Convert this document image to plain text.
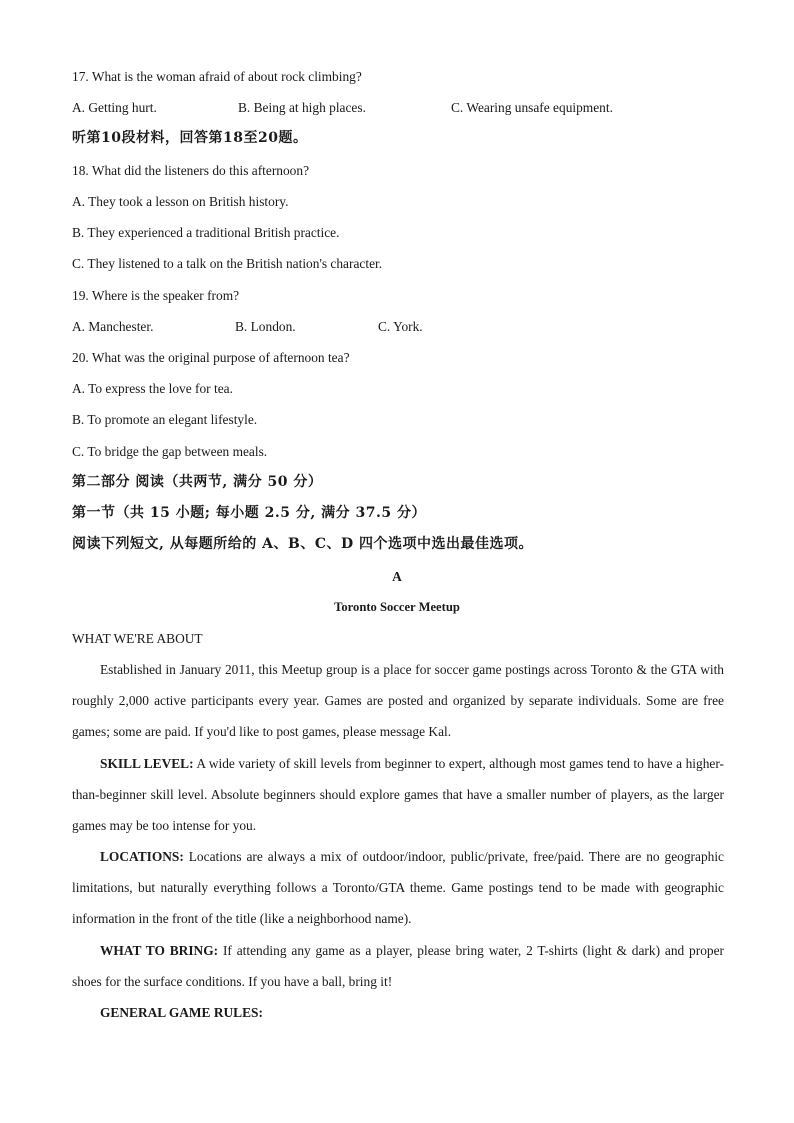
17. What is the woman afraid of about rock climbing?
A. Getting hurt.	B. Being at high places.	C. Wearing unsafe equipment.
听第10段材料，回答第18至20题。
18. What did the listeners do this afternoon?
A. They took a lesson on British history.
B. They experienced a traditional British practice.
C. They listened to a talk on the British nation's character.
19. Where is the speaker from?
A. Manchester.	B. London.	C. York.
20. What was the original purpose of afternoon tea?
A. To express the love for tea.
B. To promote an elegant lifestyle.
C. To bridge the gap between meals.
第二部分 阅读（共两节, 满分 50 分）
第一节（共 15 小题; 每小题 2.5 分, 满分 37.5 分）
阅读下列短文, 从每题所给的 A、B、C、D 四个选项中选出最佳选项。
A
Toronto Soccer Meetup
WHAT WE'RE ABOUT
Established in January 2011, this Meetup group is a place for soccer game postings across Toronto & the GTA with roughly 2,000 active participants every year. Games are posted and organized by separate individuals. Some are free games; some are paid. If you'd like to post games, please message Kal.
SKILL LEVEL: A wide variety of skill levels from beginner to expert, although most games tend to have a higher-than-beginner skill level. Absolute beginners should explore games that have a smaller number of players, as the larger games may be too intense for you.
LOCATIONS: Locations are always a mix of outdoor/indoor, public/private, free/paid. There are no geographic limitations, but naturally everything follows a Toronto/GTA theme. Game postings tend to be made with geographic information in the front of the title (like a neighborhood name).
WHAT TO BRING: If attending any game as a player, please bring water, 2 T-shirts (light & dark) and proper shoes for the surface conditions. If you have a ball, bring it!
GENERAL GAME RULES:
